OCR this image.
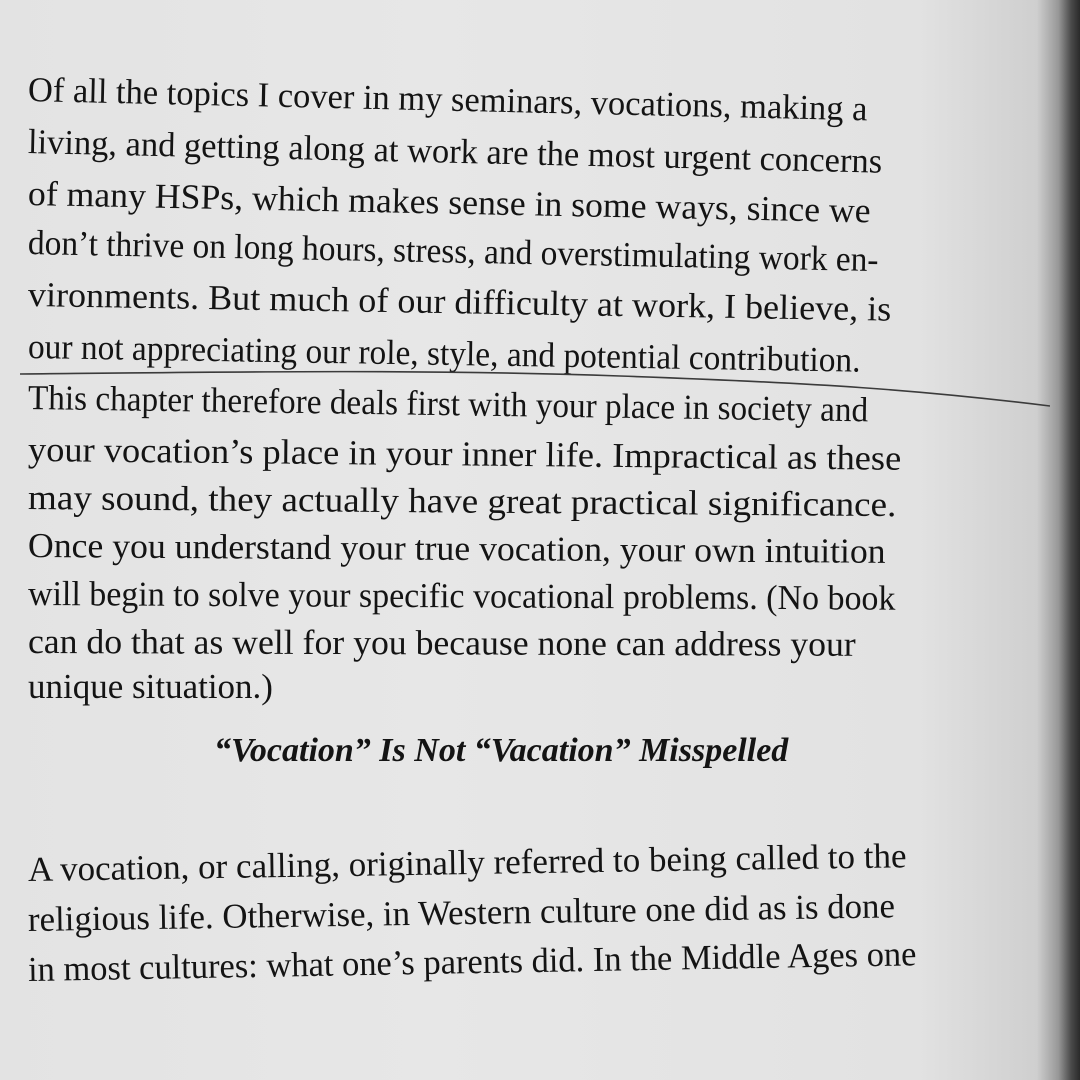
Of all the topics I cover in my seminars, vocations, making a
living, and getting along at work are the most urgent concerns
of many HSPs, which makes sense in some ways, since we
don’t thrive on long hours, stress, and overstimulating work en-
vironments. But much of our difficulty at work, I believe, is
our not appreciating our role, style, and potential contribution.
This chapter therefore deals first with your place in society and
your vocation’s place in your inner life. Impractical as these
may sound, they actually have great practical significance.
Once you understand your true vocation, your own intuition
will begin to solve your specific vocational problems. (No book
can do that as well for you because none can address your
unique situation.)
“Vocation” Is Not “Vacation” Misspelled
A vocation, or calling, originally referred to being called to the
religious life. Otherwise, in Western culture one did as is done
in most cultures: what one’s parents did. In the Middle Ages one
